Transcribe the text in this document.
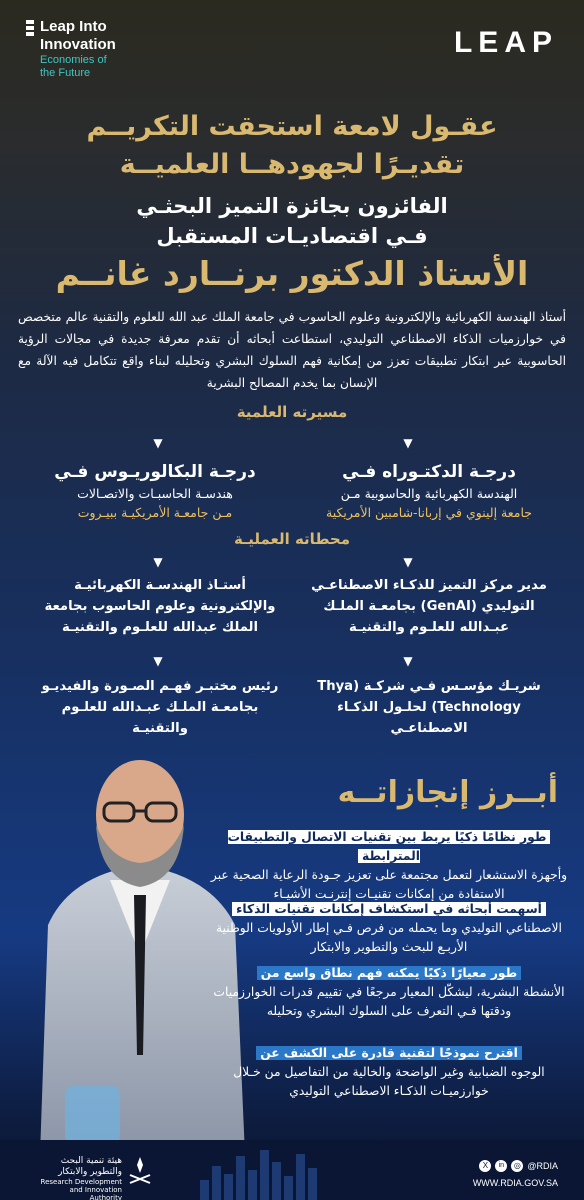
Leap Into
Innovation
Economies of
the Future
LEAP
عقـول لامعة استحقت التكريــم
تقديـرًا لجهودهــا العلميــة
الفائزون بجائزة التميز البحثـي
فـي اقتصاديـات المستقبل
الأستاذ الدكتور برنــارد غانــم
أستاذ الهندسة الكهربائية والإلكترونية وعلوم الحاسوب في جامعة الملك عبد الله للعلوم والتقنية عالم متخصص في خوارزميات الذكاء الاصطناعي التوليدي، استطاعت أبحاثه أن تقدم معرفة جديدة في مجالات الرؤية الحاسوبية عبر ابتكار تطبيقات تعزز من إمكانية فهم السلوك البشري وتحليله لبناء واقع تتكامل فيه الآلة مع الإنسان بما يخدم المصالح البشرية
مسيرته العلمية
▼
▼
درجـة الدكتـوراه فـي
الهندسة الكهربائية والحاسوبية مـن
جامعة إلينوي في إربانا-شامبين الأمريكية
درجـة البكالوريـوس فـي
هندسـة الحاسبـات والاتصـالات
مـن جامعـة الأمريكيـة ببيـروت
محطاته العمليـة
▼
▼
مدير مركز التميز للذكـاء الاصطناعـي التوليدي (GenAI) بجامعـة الملـك عبـدالله للعلـوم والتقنيـة
أستـاذ الهندسـة الكهربائيـة والإلكترونية وعلوم الحاسوب بجامعة الملك عبدالله للعلـوم والتقنيـة
▼
▼
شريـك مؤسـس فـي شركـة (Thya Technology) لحلـول الذكـاء الاصطناعـي
رئيس مختبـر فهـم الصـورة والفيديـو بجامعـة الملـك عبـدالله للعلـوم والتقنيـة
أبــرز إنجازاتــه
طور نظامًا ذكيًا يربط بين تقنيات الاتصال والتطبيقات المترابطة
وأجهزة الاستشعار لتعمل مجتمعة على تعزيز جـودة الرعاية الصحية عبر الاستفادة من إمكانات تقنيـات إنترنـت الأشيـاء
أسهمت أبحاثه في استكشاف إمكانات تقنيات الذكاء
الاصطناعي التوليدي وما يحمله من فرص فـي إطار الأولويات الوطنية الأربـع للبحث والتطوير والابتكار
طور معيارًا ذكيًا يمكنه فهم نطاق واسع من
الأنشطة البشرية، ليشكّل المعيار مرجعًا في تقييم قدرات الخوارزميات ودقتها فـي التعرف على السلوك البشري وتحليله
اقترح نموذجًا لتقنية قادرة على الكشف عن
الوجوه الضبابية وغير الواضحة والخالية من التفاصيل من خـلال خوارزميـات الذكـاء الاصطناعي التوليدي
هيئة تنمية البحث والتطوير والابتكار
Research Development and Innovation Authority
X	in	◎ @RDIA
WWW.RDIA.GOV.SA
